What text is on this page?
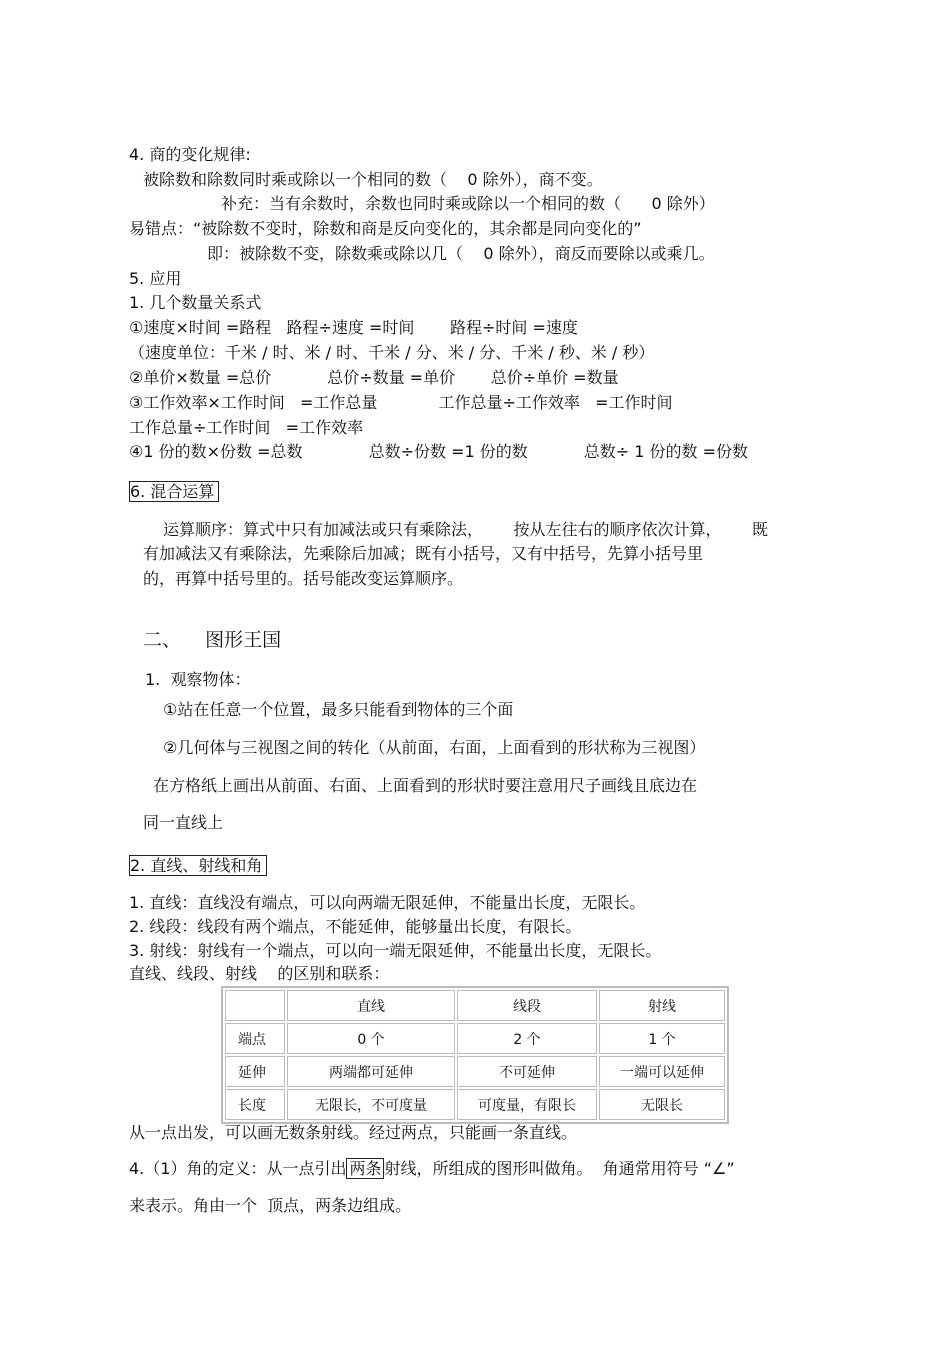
4. 商的变化规律:
被除数和除数同时乘或除以一个相同的数（    0 除外），商不变。
补充：当有余数时，余数也同时乘或除以一个相同的数（      0 除外）
易错点：“被除数不变时，除数和商是反向变化的，其余都是同向变化的”
即：被除数不变，除数乘或除以几（    0 除外），商反而要除以或乘几。
5. 应用
1. 几个数量关系式
①速度×时间 =路程   路程÷速度 =时间       路程÷时间 =速度
（速度单位：千米 / 时、米 / 时、千米 / 分、米 / 分、千米 / 秒、米 / 秒）
②单价×数量 =总价           总价÷数量 =单价       总价÷单价 =数量
③工作效率×工作时间   =工作总量            工作总量÷工作效率   =工作时间
工作总量÷工作时间   =工作效率
④1 份的数×份数 =总数             总数÷份数 =1 份的数           总数÷ 1 份的数 =份数
6. 混合运算
运算顺序：算式中只有加减法或只有乘除法，      按从左往右的顺序依次计算，      既
有加减法又有乘除法，先乘除后加减；既有小括号，又有中括号，先算小括号里
的，再算中括号里的。括号能改变运算顺序。
二、    图形王国
1.  观察物体：
①站在任意一个位置，最多只能看到物体的三个面
②几何体与三视图之间的转化（从前面，右面，上面看到的形状称为三视图）
在方格纸上画出从前面、右面、上面看到的形状时要注意用尺子画线且底边在
同一直线上
2. 直线、射线和角
1. 直线：直线没有端点，可以向两端无限延伸，不能量出长度，无限长。
2. 线段：线段有两个端点，不能延伸，能够量出长度，有限长。
3. 射线：射线有一个端点，可以向一端无限延伸，不能量出长度，无限长。
直线、线段、射线    的区别和联系：
	直线	线段	射线
端点	0 个	2 个	1 个
延伸	两端都可延伸	不可延伸	一端可以延伸
长度	无限长，不可度量	可度量，有限长	无限长
从一点出发，可以画无数条射线。经过两点，只能画一条直线。
4.（1）角的定义：从一点引出 两条 射线，所组成的图形叫做角。  角通常用符号 “∠”
来表示。角由一个  顶点，两条边组成。
